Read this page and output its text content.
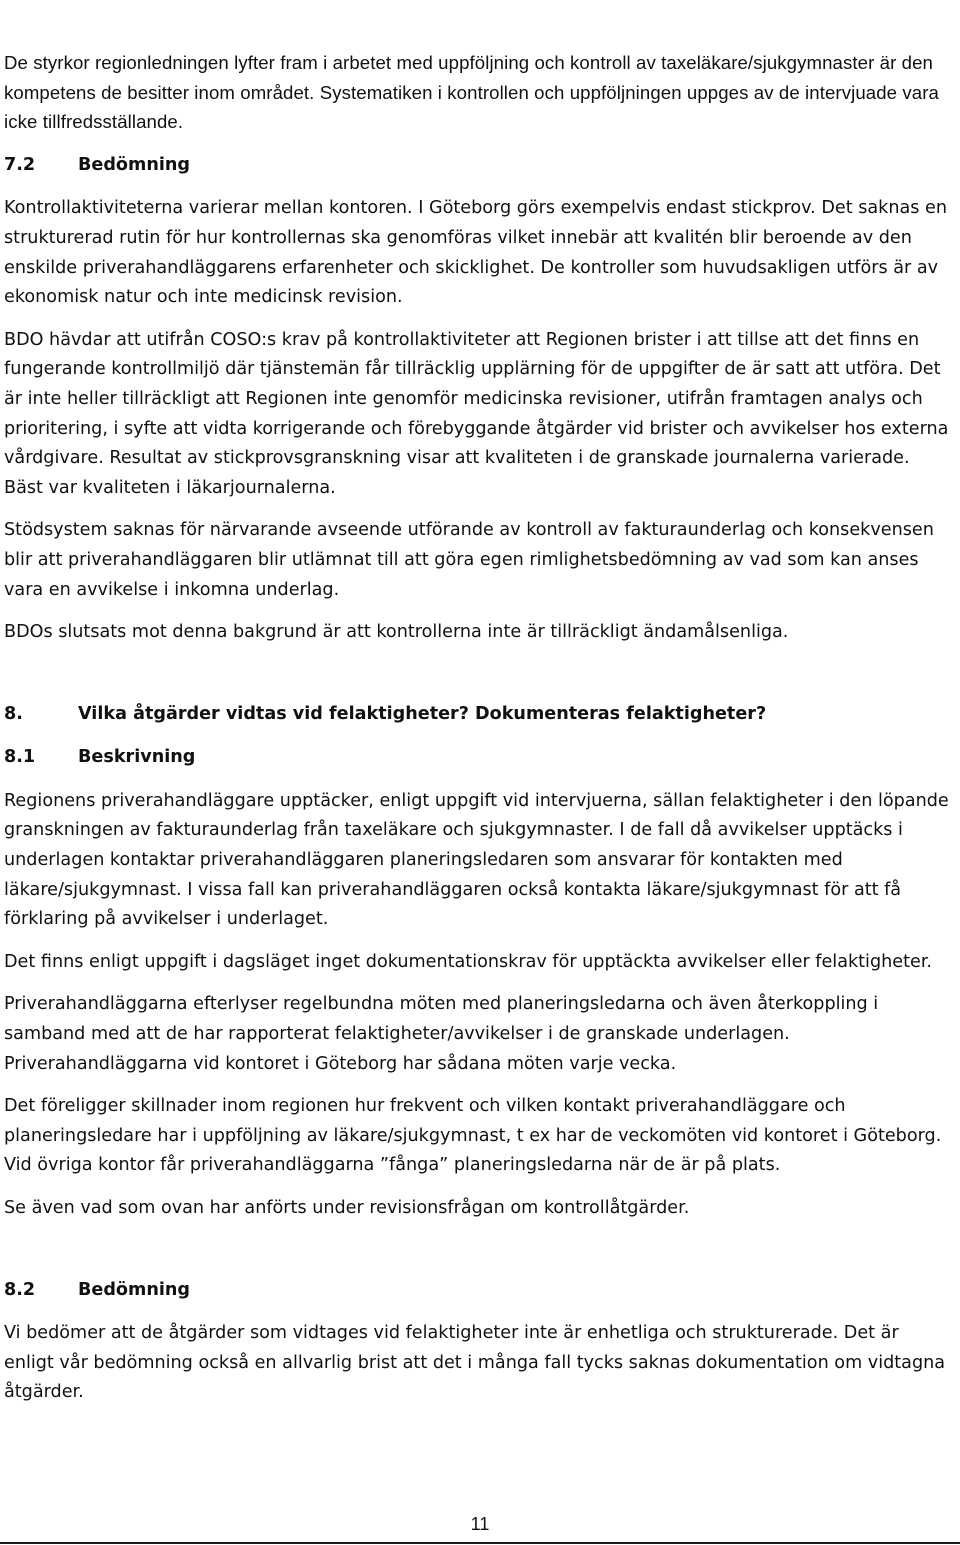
De styrkor regionledningen lyfter fram i arbetet med uppföljning och kontroll av taxeläkare/sjukgymnaster är den kompetens de besitter inom området. Systematiken i kontrollen och uppföljningen uppges av de intervjuade vara icke tillfredsställande.

7.2 Bedömning

Kontrollaktiviteterna varierar mellan kontoren. I Göteborg görs exempelvis endast stickprov. Det saknas en strukturerad rutin för hur kontrollernas ska genomföras vilket innebär att kvalitén blir beroende av den enskilde priverahandläggarens erfarenheter och skicklighet. De kontroller som huvudsakligen utförs är av ekonomisk natur och inte medicinsk revision.

BDO hävdar att utifrån COSO:s krav på kontrollaktiviteter att Regionen brister i att tillse att det finns en fungerande kontrollmiljö där tjänstemän får tillräcklig upplärning för de uppgifter de är satt att utföra. Det är inte heller tillräckligt att Regionen inte genomför medicinska revisioner, utifrån framtagen analys och prioritering, i syfte att vidta korrigerande och förebyggande åtgärder vid brister och avvikelser hos externa vårdgivare. Resultat av stickprovsgranskning visar att kvaliteten i de granskade journalerna varierade. Bäst var kvaliteten i läkarjournalerna.

Stödsystem saknas för närvarande avseende utförande av kontroll av fakturaunderlag och konsekvensen blir att priverahandläggaren blir utlämnat till att göra egen rimlighetsbedömning av vad som kan anses vara en avvikelse i inkomna underlag.

BDOs slutsats mot denna bakgrund är att kontrollerna inte är tillräckligt ändamålsenliga.

8.	Vilka åtgärder vidtas vid felaktigheter? Dokumenteras felaktigheter?
8.1 Beskrivning

Regionens priverahandläggare upptäcker, enligt uppgift vid intervjuerna, sällan felaktigheter i den löpande granskningen av fakturaunderlag från taxeläkare och sjukgymnaster. I de fall då avvikelser upptäcks i underlagen kontaktar priverahandläggaren planeringsledaren som ansvarar för kontakten med läkare/sjukgymnast. I vissa fall kan priverahandläggaren också kontakta läkare/sjukgymnast för att få förklaring på avvikelser i underlaget.

Det finns enligt uppgift i dagsläget inget dokumentationskrav för upptäckta avvikelser eller felaktigheter.

Priverahandläggarna efterlyser regelbundna möten med planeringsledarna och även återkoppling i samband med att de har rapporterat felaktigheter/avvikelser i de granskade underlagen. Priverahandläggarna vid kontoret i Göteborg har sådana möten varje vecka.

Det föreligger skillnader inom regionen hur frekvent och vilken kontakt priverahandläggare och planeringsledare har i uppföljning av läkare/sjukgymnast, t ex har de veckomöten vid kontoret i Göteborg. Vid övriga kontor får priverahandläggarna ”fånga” planeringsledarna när de är på plats.

Se även vad som ovan har anförts under revisionsfrågan om kontrollåtgärder.

8.2 Bedömning

Vi bedömer att de åtgärder som vidtages vid felaktigheter inte är enhetliga och strukturerade. Det är enligt vår bedömning också en allvarlig brist att det i många fall tycks saknas dokumentation om vidtagna åtgärder.

11
